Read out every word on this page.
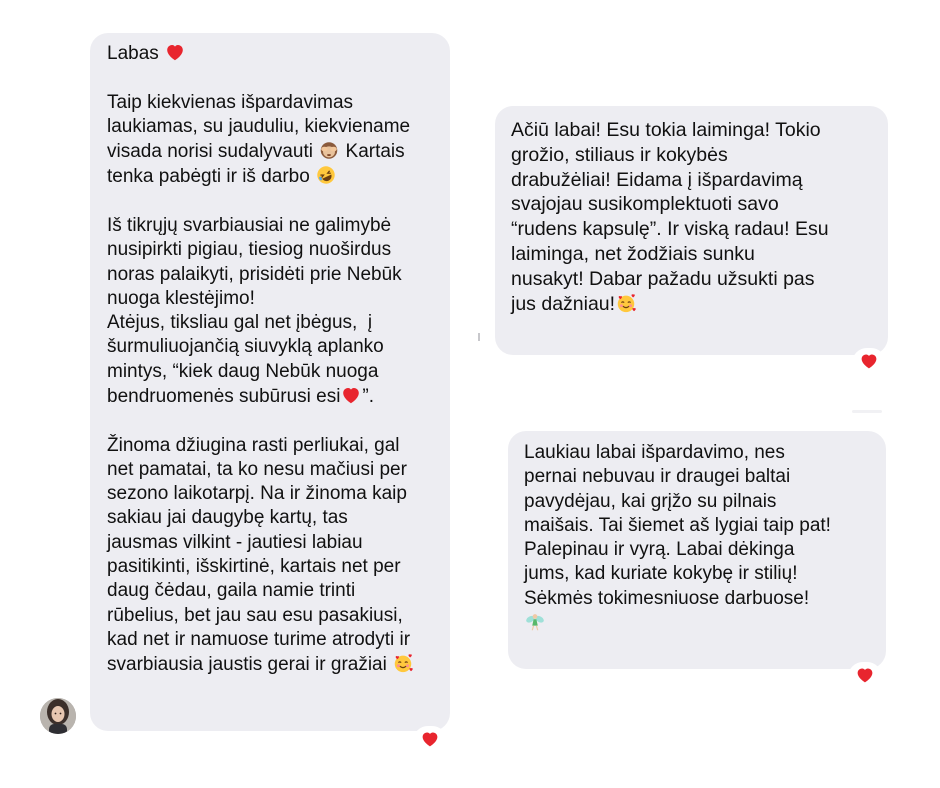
Labas
Taip kiekvienas išpardavimas
laukiamas, su jauduliu, kiekviename
visada norisi sudalyvauti Kartais
tenka pabėgti ir iš darbo
Iš tikrųjų svarbiausiai ne galimybė
nusipirkti pigiau, tiesiog nuoširdus
noras palaikyti, prisidėti prie Nebūk
nuoga klestėjimo!
Atėjus, tiksliau gal net įbėgus,  į
šurmuliuojančią siuvyklą aplanko
mintys, “kiek daug Nebūk nuoga
bendruomenės subūrusi esi ”.
Žinoma džiugina rasti perliukai, gal
net pamatai, ta ko nesu mačiusi per
sezono laikotarpį. Na ir žinoma kaip
sakiau jai daugybę kartų, tas
jausmas vilkint - jautiesi labiau
pasitikinti, išskirtinė, kartais net per
daug čėdau, gaila namie trinti
rūbelius, bet jau sau esu pasakiusi,
kad net ir namuose turime atrodyti ir
svarbiausia jaustis gerai ir gražiai
Ačiū labai! Esu tokia laiminga! Tokio
grožio, stiliaus ir kokybės
drabužėliai! Eidama į išpardavimą
svajojau susikomplektuoti savo
“rudens kapsulę”. Ir viską radau! Esu
laiminga, net žodžiais sunku
nusakyt! Dabar pažadu užsukti pas
jus dažniau!
Laukiau labai išpardavimo, nes
pernai nebuvau ir draugei baltai
pavydėjau, kai grįžo su pilnais
maišais. Tai šiemet aš lygiai taip pat!
Palepinau ir vyrą. Labai dėkinga
jums, kad kuriate kokybę ir stilių!
Sėkmės tokimesniuose darbuose!
